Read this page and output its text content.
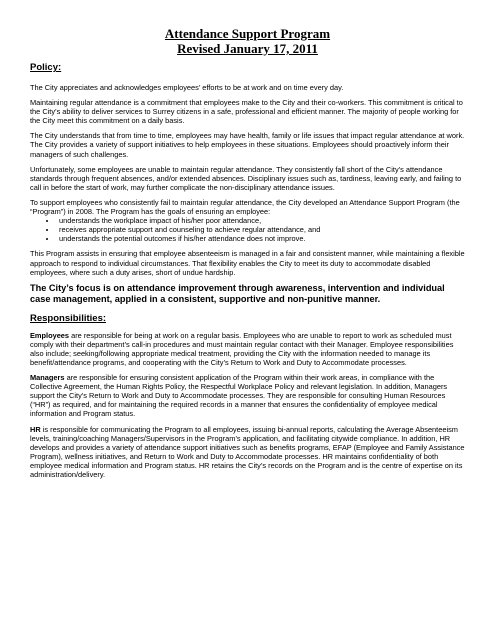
Attendance Support Program
Revised January 17, 2011
Policy:

The City appreciates and acknowledges employees’ efforts to be at work and on time every day.

Maintaining regular attendance is a commitment that employees make to the City and their co-workers. This commitment is critical to the City’s ability to deliver services to Surrey citizens in a safe, professional and efficient manner. The majority of people working for the City meet this commitment on a daily basis.

The City understands that from time to time, employees may have health, family or life issues that impact regular attendance at work. The City provides a variety of support initiatives to help employees in these situations. Employees should proactively inform their managers of such challenges.

Unfortunately, some employees are unable to maintain regular attendance. They consistently fall short of the City’s attendance standards through frequent absences, and/or extended absences. Disciplinary issues such as, tardiness, leaving early, and failing to call in before the start of work, may further complicate the non-disciplinary attendance issues.

To support employees who consistently fail to maintain regular attendance, the City developed an Attendance Support Program (the “Program”) in 2008. The Program has the goals of ensuring an employee:

• understands the workplace impact of his/her poor attendance,
• receives appropriate support and counseling to achieve regular attendance, and
• understands the potential outcomes if his/her attendance does not improve.

This Program assists in ensuring that employee absenteeism is managed in a fair and consistent manner, while maintaining a flexible approach to respond to individual circumstances. That flexibility enables the City to meet its duty to accommodate disabled employees, where such a duty arises, short of undue hardship.

The City’s focus is on attendance improvement through awareness, intervention and individual case management, applied in a consistent, supportive and non-punitive manner.
Responsibilities:

Employees are responsible for being at work on a regular basis. Employees who are unable to report to work as scheduled must comply with their department’s call-in procedures and must maintain regular contact with their Manager. Employee responsibilities also include; seeking/following appropriate medical treatment, providing the City with the information needed to manage its benefit/attendance programs, and cooperating with the City’s Return to Work and Duty to Accommodate processes.

Managers are responsible for ensuring consistent application of the Program within their work areas, in compliance with the Collective Agreement, the Human Rights Policy, the Respectful Workplace Policy and relevant legislation. In addition, Managers support the City’s Return to Work and Duty to Accommodate processes. They are responsible for consulting Human Resources (“HR”) as required, and for maintaining the required records in a manner that ensures the confidentiality of employee medical information and Program status.

HR is responsible for communicating the Program to all employees, issuing bi-annual reports, calculating the Average Absenteeism levels, training/coaching Managers/Supervisors in the Program’s application, and facilitating citywide compliance. In addition, HR develops and provides a variety of attendance support initiatives such as benefits programs, EFAP (Employee and Family Assistance Program), wellness initiatives, and Return to Work and Duty to Accommodate processes. HR maintains confidentiality of both employee medical information and Program status. HR retains the City’s records on the Program and is the centre of expertise on its administration/delivery.
